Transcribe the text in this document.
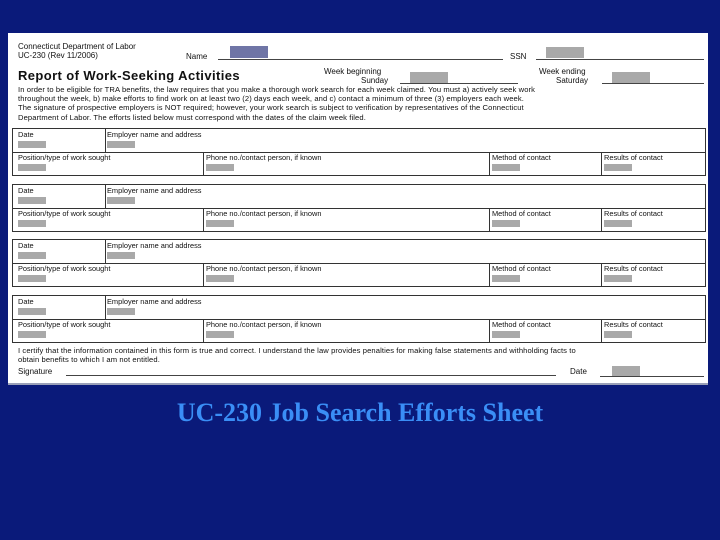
Connecticut Department of Labor
UC-230 (Rev 11/2006)	Name	SSN
Report of Work-Seeking Activities	Week beginning
Sunday
Week ending
Saturday
In order to be eligible for TRA benefits, the law requires that you make a thorough work search for each week claimed. You must a) actively seek work
throughout the week, b) make efforts to find work on at least two (2) days each week, and c) contact a minimum of three (3) employers each week.
The signature of prospective employers is NOT required; however, your work search is subject to verification by representatives of the Connecticut
Department of Labor. The efforts listed below must correspond with the dates of the claim week filed.
Date	Employer name and address
Position/type of work sought	Phone no./contact person, if known	Method of contact	Results of contact
Date	Employer name and address
Position/type of work sought	Phone no./contact person, if known	Method of contact	Results of contact
Date	Employer name and address
Position/type of work sought	Phone no./contact person, if known	Method of contact	Results of contact
Date	Employer name and address
Position/type of work sought	Phone no./contact person, if known	Method of contact	Results of contact
I certify that the information contained in this form is true and correct. I understand the law provides penalties for making false statements and withholding facts to
obtain benefits to which I am not entitled.
Signature	Date
UC-230 Job Search Efforts Sheet
